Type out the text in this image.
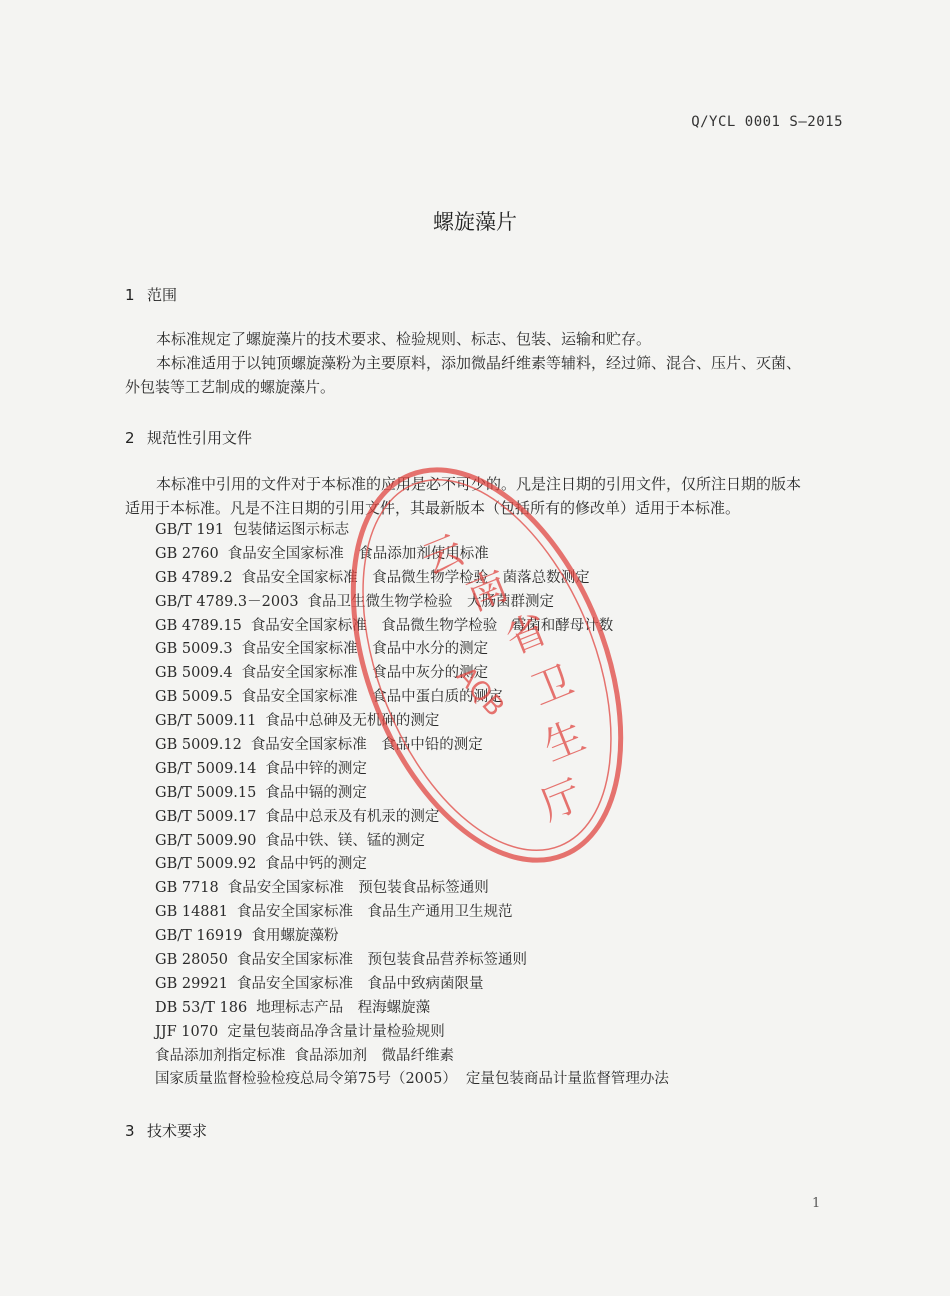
Q/YCL 0001 S—2015
螺旋藻片
1 范围
本标准规定了螺旋藻片的技术要求、检验规则、标志、包装、运输和贮存。
本标准适用于以钝顶螺旋藻粉为主要原料，添加微晶纤维素等辅料，经过筛、混合、压片、灭菌、
外包装等工艺制成的螺旋藻片。
2 规范性引用文件
本标准中引用的文件对于本标准的应用是必不可少的。凡是注日期的引用文件，仅所注日期的版本
适用于本标准。凡是不注日期的引用文件，其最新版本（包括所有的修改单）适用于本标准。
GB/T 191 包装储运图示标志
GB 2760 食品安全国家标准　食品添加剂使用标准
GB 4789.2 食品安全国家标准　食品微生物学检验　菌落总数测定
GB/T 4789.3－2003 食品卫生微生物学检验　大肠菌群测定
GB 4789.15 食品安全国家标准　食品微生物学检验　霉菌和酵母计数
GB 5009.3 食品安全国家标准　食品中水分的测定
GB 5009.4 食品安全国家标准　食品中灰分的测定
GB 5009.5 食品安全国家标准　食品中蛋白质的测定
GB/T 5009.11 食品中总砷及无机砷的测定
GB 5009.12 食品安全国家标准　食品中铅的测定
GB/T 5009.14 食品中锌的测定
GB/T 5009.15 食品中镉的测定
GB/T 5009.17 食品中总汞及有机汞的测定
GB/T 5009.90 食品中铁、镁、锰的测定
GB/T 5009.92 食品中钙的测定
GB 7718 食品安全国家标准　预包装食品标签通则
GB 14881 食品安全国家标准　食品生产通用卫生规范
GB/T 16919 食用螺旋藻粉
GB 28050 食品安全国家标准　预包装食品营养标签通则
GB 29921 食品安全国家标准　食品中致病菌限量
DB 53/T 186 地理标志产品　程海螺旋藻
JJF 1070 定量包装商品净含量计量检验规则
食品添加剂指定标准 食品添加剂　微晶纤维素
国家质量监督检验检疫总局令第75号（2005） 定量包装商品计量监督管理办法
3 技术要求
云
南
省
卫
生
厅
AQB
1
